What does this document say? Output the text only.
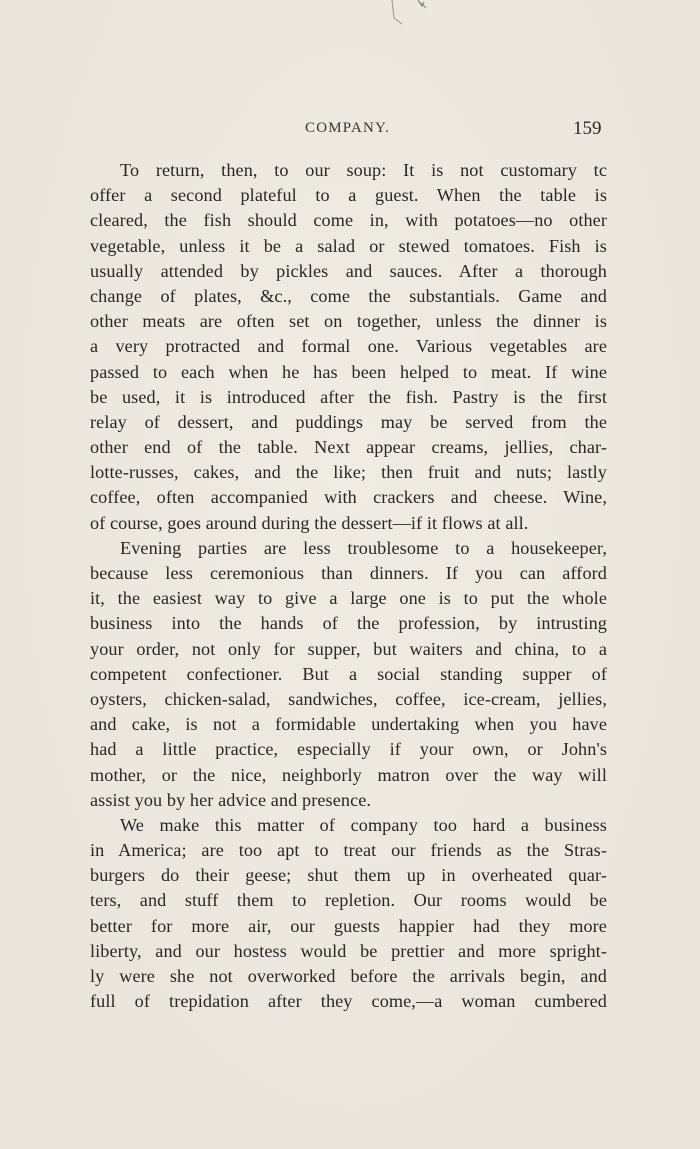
COMPANY.	159
To return, then, to our soup: It is not customary tc
offer a second plateful to a guest. When the table is
cleared, the fish should come in, with potatoes—no other
vegetable, unless it be a salad or stewed tomatoes. Fish is
usually attended by pickles and sauces. After a thorough
change of plates, &c., come the substantials. Game and
other meats are often set on together, unless the dinner is
a very protracted and formal one. Various vegetables are
passed to each when he has been helped to meat. If wine
be used, it is introduced after the fish. Pastry is the first
relay of dessert, and puddings may be served from the
other end of the table. Next appear creams, jellies, char-
lotte-russes, cakes, and the like; then fruit and nuts; lastly
coffee, often accompanied with crackers and cheese. Wine,
of course, goes around during the dessert—if it flows at all.
Evening parties are less troublesome to a housekeeper,
because less ceremonious than dinners. If you can afford
it, the easiest way to give a large one is to put the whole
business into the hands of the profession, by intrusting
your order, not only for supper, but waiters and china, to a
competent confectioner. But a social standing supper of
oysters, chicken-salad, sandwiches, coffee, ice-cream, jellies,
and cake, is not a formidable undertaking when you have
had a little practice, especially if your own, or John's
mother, or the nice, neighborly matron over the way will
assist you by her advice and presence.
We make this matter of company too hard a business
in America; are too apt to treat our friends as the Stras-
burgers do their geese; shut them up in overheated quar-
ters, and stuff them to repletion. Our rooms would be
better for more air, our guests happier had they more
liberty, and our hostess would be prettier and more spright-
ly were she not overworked before the arrivals begin, and
full of trepidation after they come,—a woman cumbered
